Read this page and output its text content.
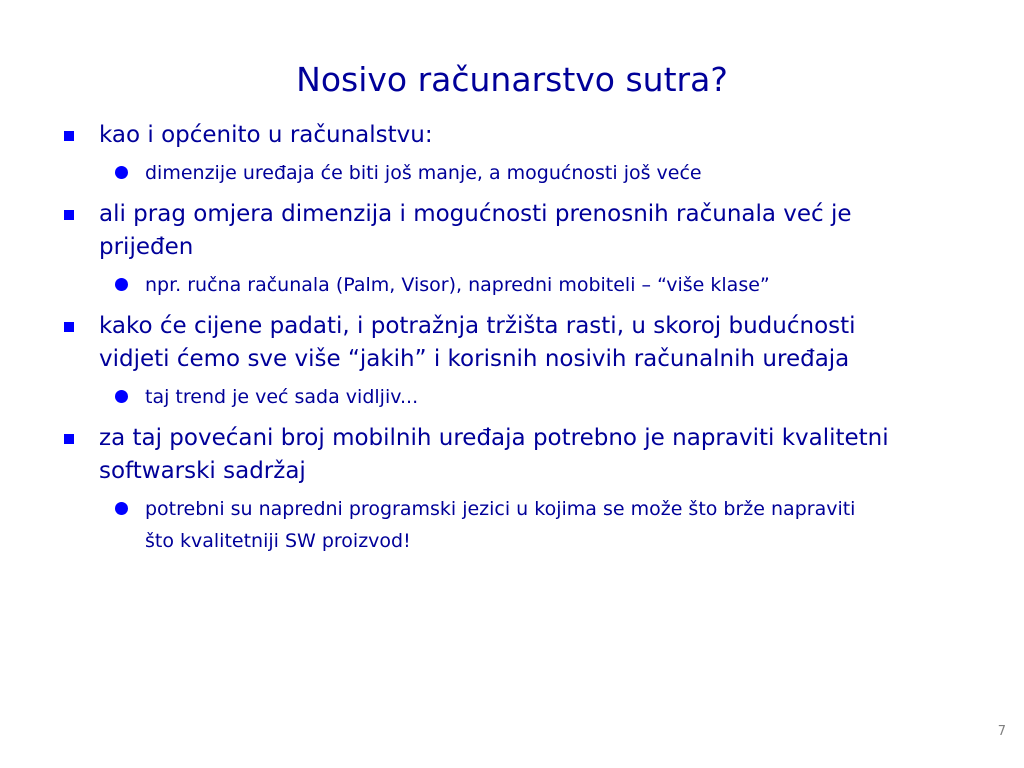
Nosivo računarstvo sutra?
kao i općenito u računalstvu:
dimenzije uređaja će biti još manje, a mogućnosti još veće
ali prag omjera dimenzija i mogućnosti prenosnih računala već je
prijeđen
npr. ručna računala (Palm, Visor), napredni mobiteli – “više klase”
kako će cijene padati, i potražnja tržišta rasti, u skoroj budućnosti
vidjeti ćemo sve više “jakih” i korisnih nosivih računalnih uređaja
taj trend je već sada vidljiv...
za taj povećani broj mobilnih uređaja potrebno je napraviti kvalitetni
softwarski sadržaj
potrebni su napredni programski jezici u kojima se može što brže napraviti
što kvalitetniji SW proizvod!
7
